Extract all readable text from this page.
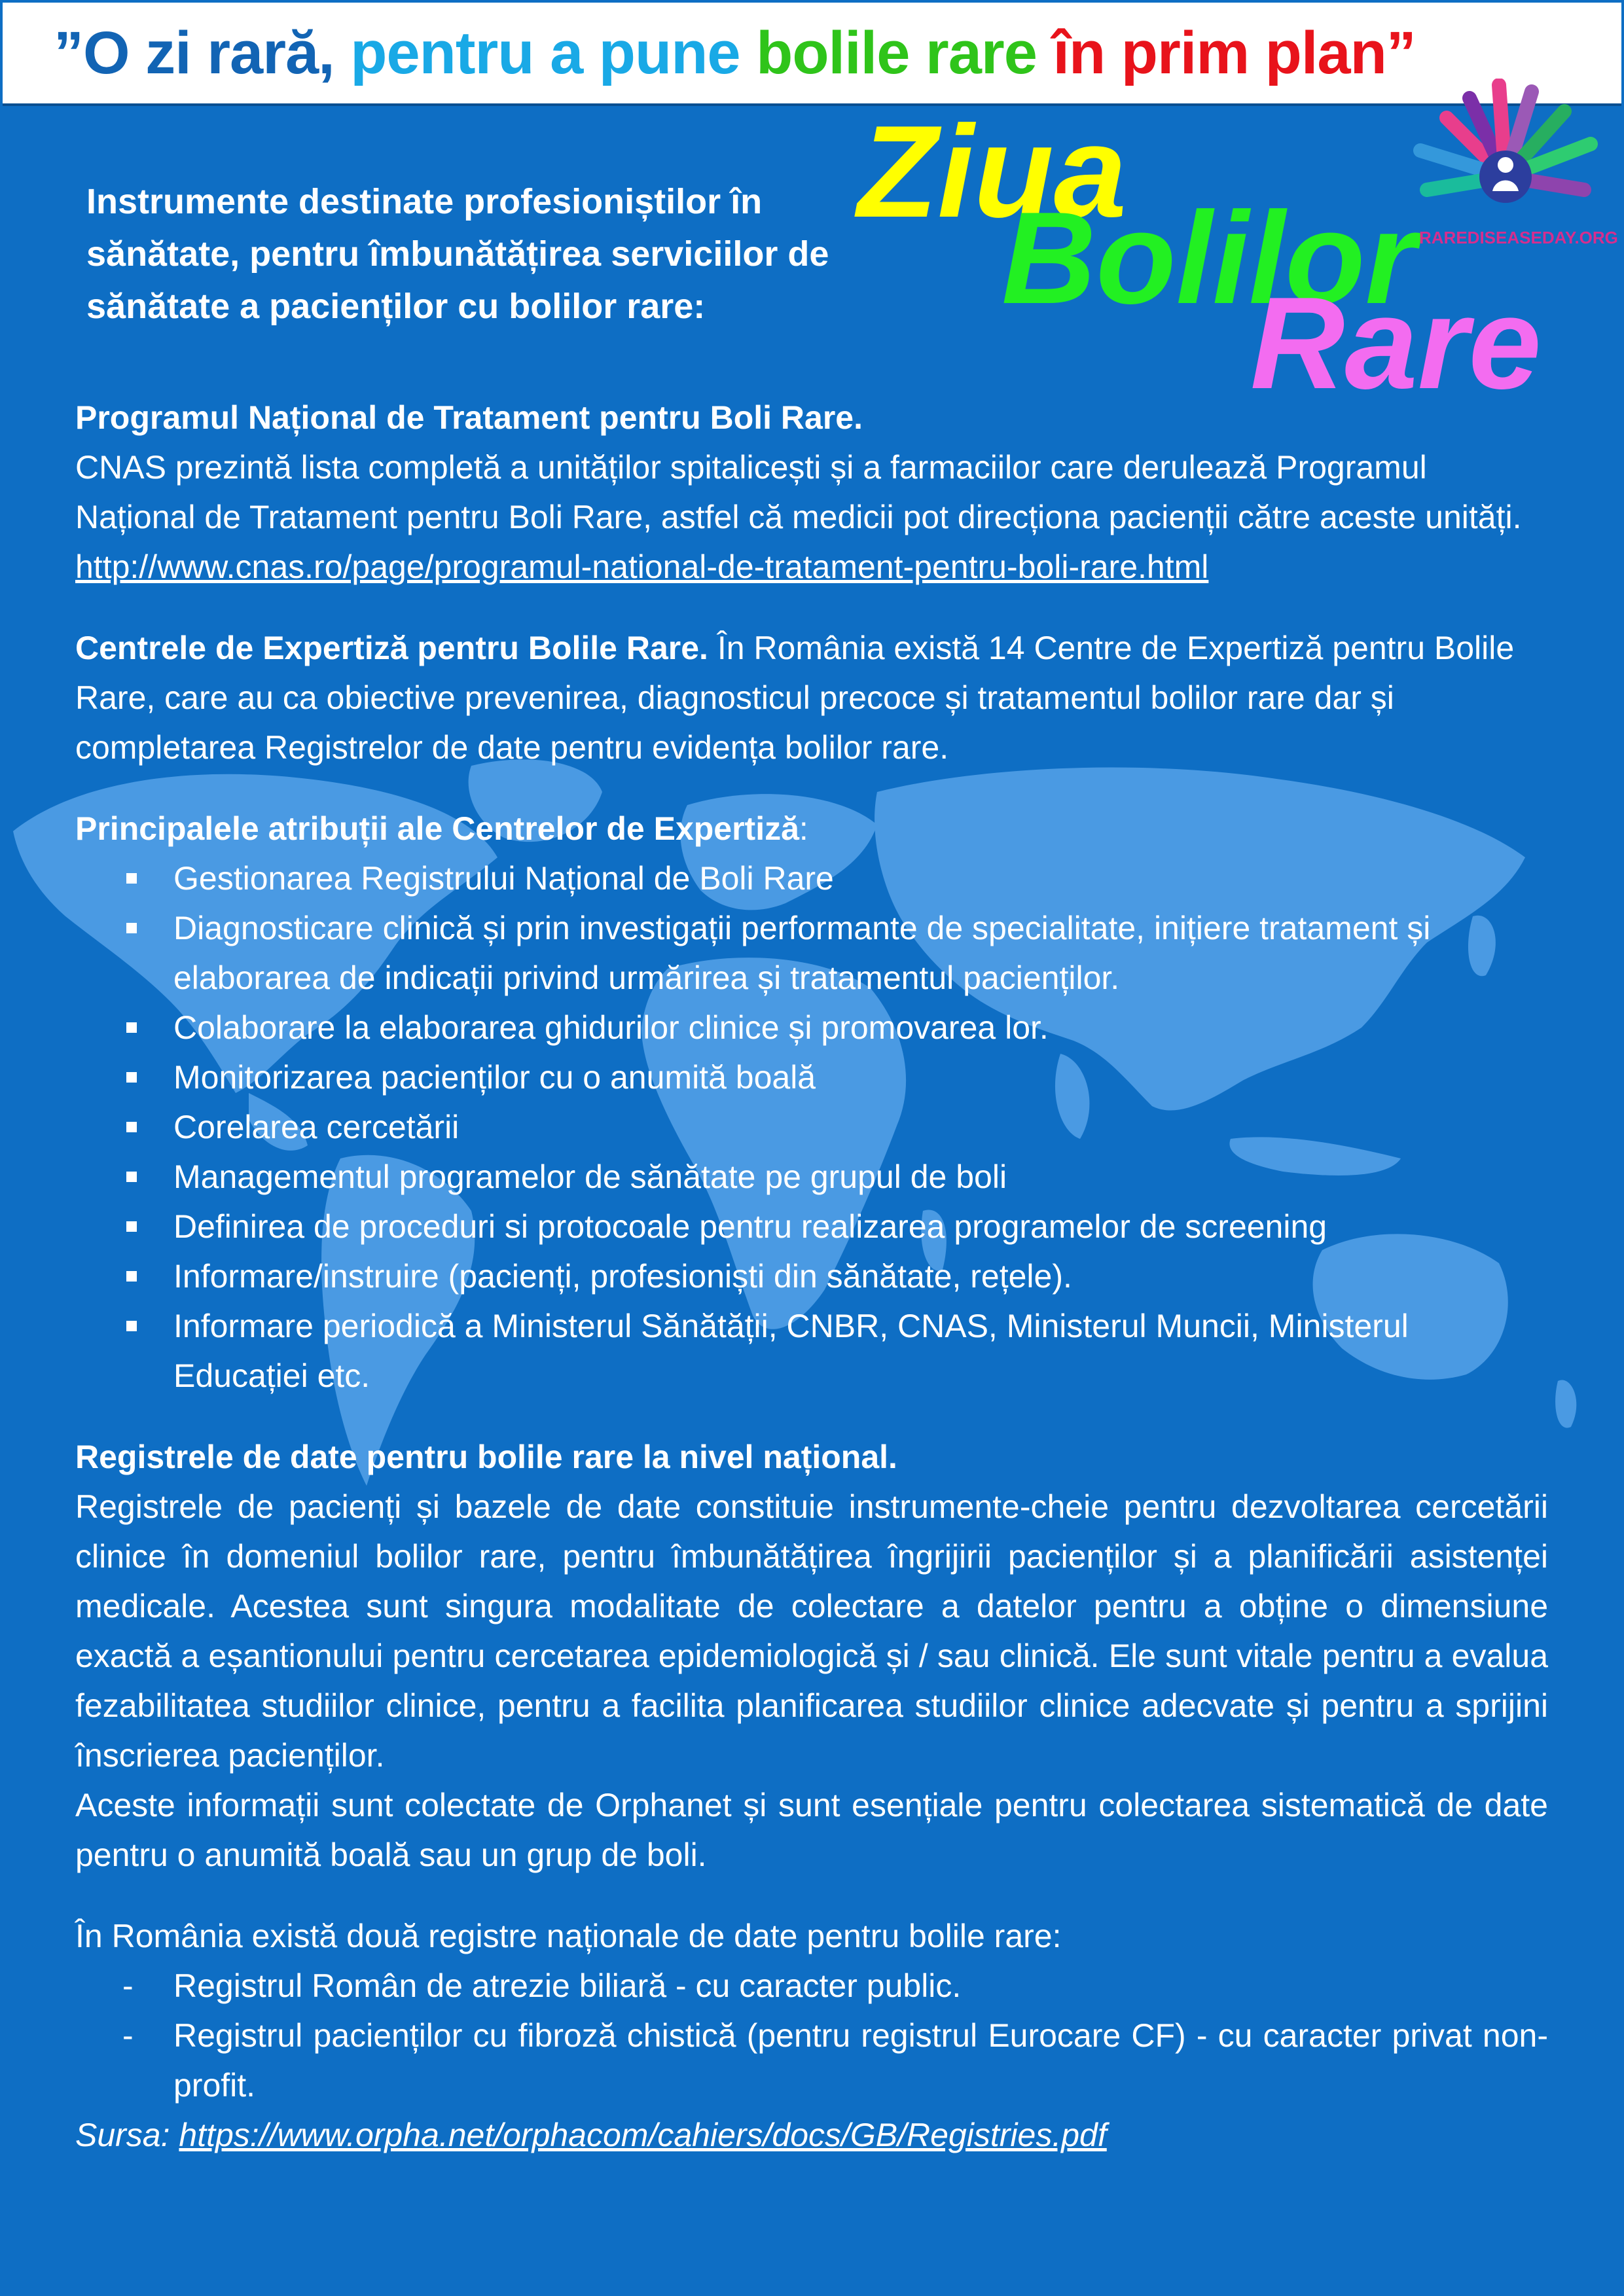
”O zi rară, pentru a pune bolile rare în prim plan”
Instrumente destinate profesioniștilor în sănătate, pentru îmbunătățirea serviciilor de sănătate a pacienților cu bolilor rare:
Ziua
Bolilor
Rare
RAREDISEASEDAY.ORG

Programul Național de Tratament pentru Boli Rare.

CNAS prezintă lista completă a unităților spitalicești și a farmaciilor care derulează Programul Național de Tratament pentru Boli Rare, astfel că medicii pot direcționa pacienții către aceste unități.

http://www.cnas.ro/page/programul-national-de-tratament-pentru-boli-rare.html

Centrele de Expertiză pentru Bolile Rare. În România există 14 Centre de Expertiză pentru Bolile Rare, care au ca obiective prevenirea, diagnosticul precoce și tratamentul bolilor rare dar și completarea Registrelor de date pentru evidența bolilor rare.

Principalele atribuții ale Centrelor de Expertiză:

Gestionarea Registrului Național de Boli Rare
Diagnosticare clinică și prin investigații performante de specialitate, inițiere tratament și elaborarea de indicații privind urmărirea și tratamentul pacienților.
Colaborare la elaborarea ghidurilor clinice și promovarea lor.
Monitorizarea pacienților cu o anumită boală
Corelarea cercetării
Managementul programelor de sănătate pe grupul de boli
Definirea de proceduri si protocoale pentru realizarea programelor de screening
Informare/instruire (pacienți, profesioniști din sănătate, rețele).
Informare periodică a Ministerul Sănătății, CNBR, CNAS, Ministerul Muncii, Ministerul Educației etc.

Registrele de date pentru bolile rare la nivel național.

Registrele de pacienți și bazele de date constituie instrumente-cheie pentru dezvoltarea cercetării clinice în domeniul bolilor rare, pentru îmbunătățirea îngrijirii pacienților și a planificării asistenței medicale. Acestea sunt singura modalitate de colectare a datelor pentru a obține o dimensiune exactă a eșantionului pentru cercetarea epidemiologică și / sau clinică. Ele sunt vitale pentru a evalua fezabilitatea studiilor clinice, pentru a facilita planificarea studiilor clinice adecvate și pentru a sprijini înscrierea pacienților.

Aceste informații sunt colectate de Orphanet și sunt esențiale pentru colectarea sistematică de date pentru o anumită boală sau un grup de boli.

În România există două registre naționale de date pentru bolile rare:

- Registrul Român de atrezie biliară - cu caracter public.
- Registrul pacienților cu fibroză chistică (pentru registrul Eurocare CF) - cu caracter privat non-profit.

Sursa: https://www.orpha.net/orphacom/cahiers/docs/GB/Registries.pdf
